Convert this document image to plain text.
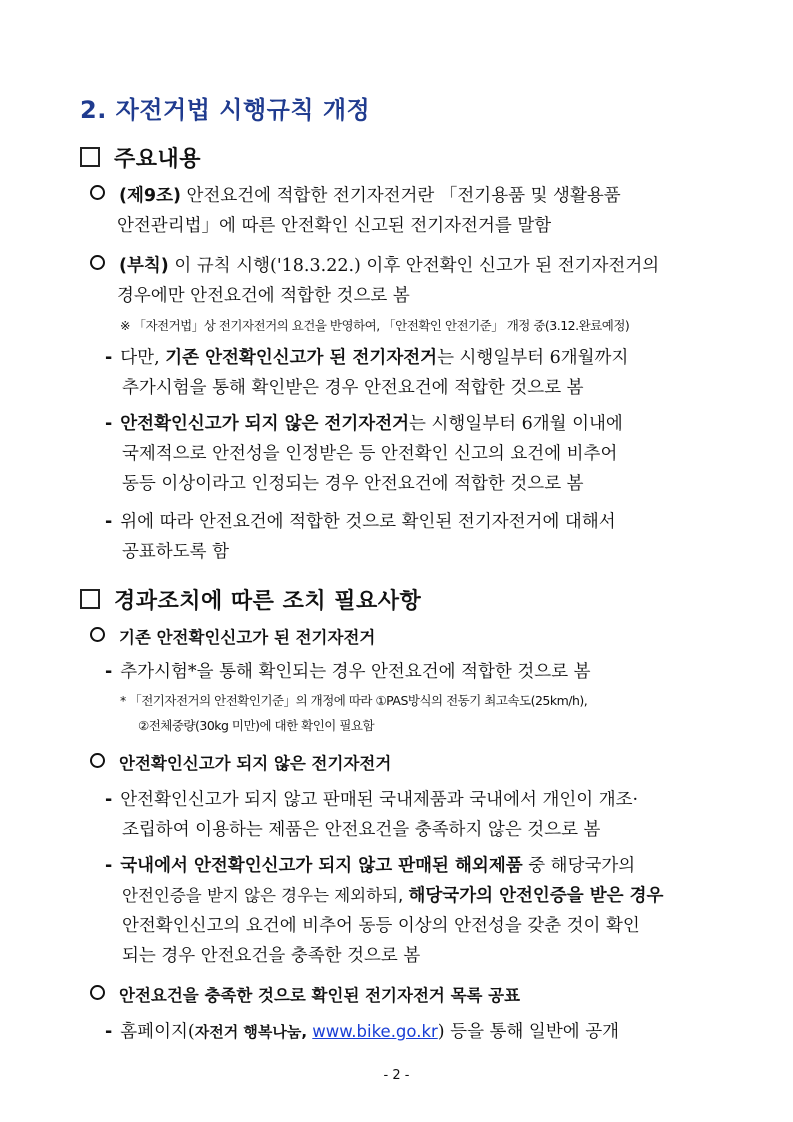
2. 자전거법 시행규칙 개정
주요내용
(제9조) 안전요건에 적합한 전기자전거란 「전기용품 및 생활용품
안전관리법」에 따른 안전확인 신고된 전기자전거를 말함
(부칙) 이 규칙 시행('18.3.22.) 이후 안전확인 신고가 된 전기자전거의
경우에만 안전요건에 적합한 것으로 봄
※ 「자전거법」상 전기자전거의 요건을 반영하여, 「안전확인 안전기준」 개정 중(3.12.완료예정)
- 다만, 기존 안전확인신고가 된 전기자전거는 시행일부터 6개월까지
추가시험을 통해 확인받은 경우 안전요건에 적합한 것으로 봄
- 안전확인신고가 되지 않은 전기자전거는 시행일부터 6개월 이내에
국제적으로 안전성을 인정받은 등 안전확인 신고의 요건에 비추어
동등 이상이라고 인정되는 경우 안전요건에 적합한 것으로 봄
- 위에 따라 안전요건에 적합한 것으로 확인된 전기자전거에 대해서
공표하도록 함
경과조치에 따른 조치 필요사항
기존 안전확인신고가 된 전기자전거
- 추가시험*을 통해 확인되는 경우 안전요건에 적합한 것으로 봄
* 「전기자전거의 안전확인기준」의 개정에 따라 ①PAS방식의 전동기 최고속도(25km/h),
②전체중량(30kg 미만)에 대한 확인이 필요함
안전확인신고가 되지 않은 전기자전거
- 안전확인신고가 되지 않고 판매된 국내제품과 국내에서 개인이 개조·
조립하여 이용하는 제품은 안전요건을 충족하지 않은 것으로 봄
- 국내에서 안전확인신고가 되지 않고 판매된 해외제품 중 해당국가의
안전인증을 받지 않은 경우는 제외하되, 해당국가의 안전인증을 받은 경우
안전확인신고의 요건에 비추어 동등 이상의 안전성을 갖춘 것이 확인
되는 경우 안전요건을 충족한 것으로 봄
안전요건을 충족한 것으로 확인된 전기자전거 목록 공표
- 홈페이지(자전거 행복나눔, www.bike.go.kr) 등을 통해 일반에 공개
- 2 -
